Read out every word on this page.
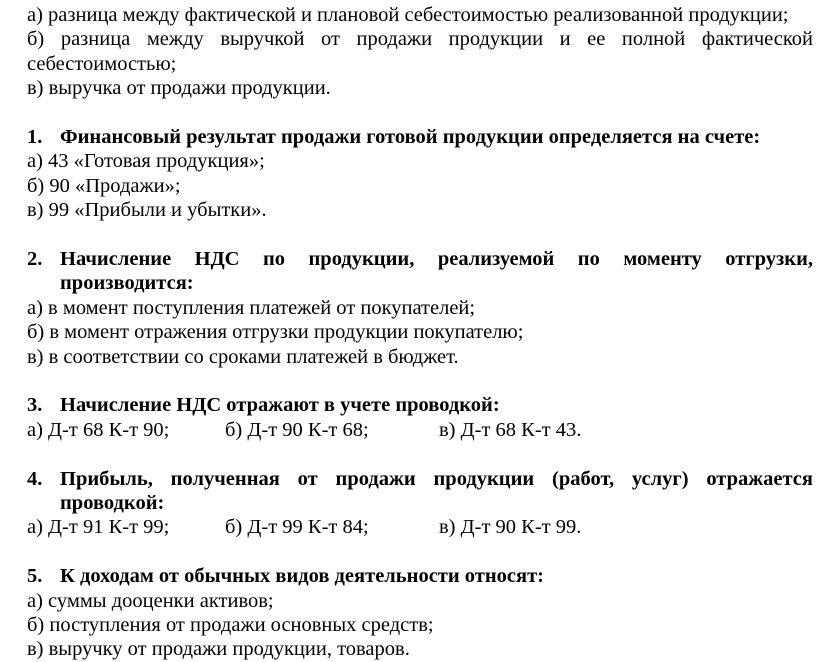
а) разница между фактической и плановой себестоимостью реализованной продукции;
б) разница между выручкой от продажи продукции и ее полной фактической
себестоимостью;
в) выручка от продажи продукции.
1. Финансовый результат продажи готовой продукции определяется на счете:
а) 43 «Готовая продукция»;
б) 90 «Продажи»;
в) 99 «Прибыли и убытки».
2. Начисление НДС по продукции, реализуемой по моменту отгрузки,
производится:
а) в момент поступления платежей от покупателей;
б) в момент отражения отгрузки продукции покупателю;
в) в соответствии со сроками платежей в бюджет.
3. Начисление НДС отражают в учете проводкой:
а) Д-т 68 К-т 90;	б) Д-т 90 К-т 68;	в) Д-т 68 К-т 43.
4. Прибыль, полученная от продажи продукции (работ, услуг) отражается
проводкой:
а) Д-т 91 К-т 99;	б) Д-т 99 К-т 84;	в) Д-т 90 К-т 99.
5. К доходам от обычных видов деятельности относят:
а) суммы дооценки активов;
б) поступления от продажи основных средств;
в) выручку от продажи продукции, товаров.
